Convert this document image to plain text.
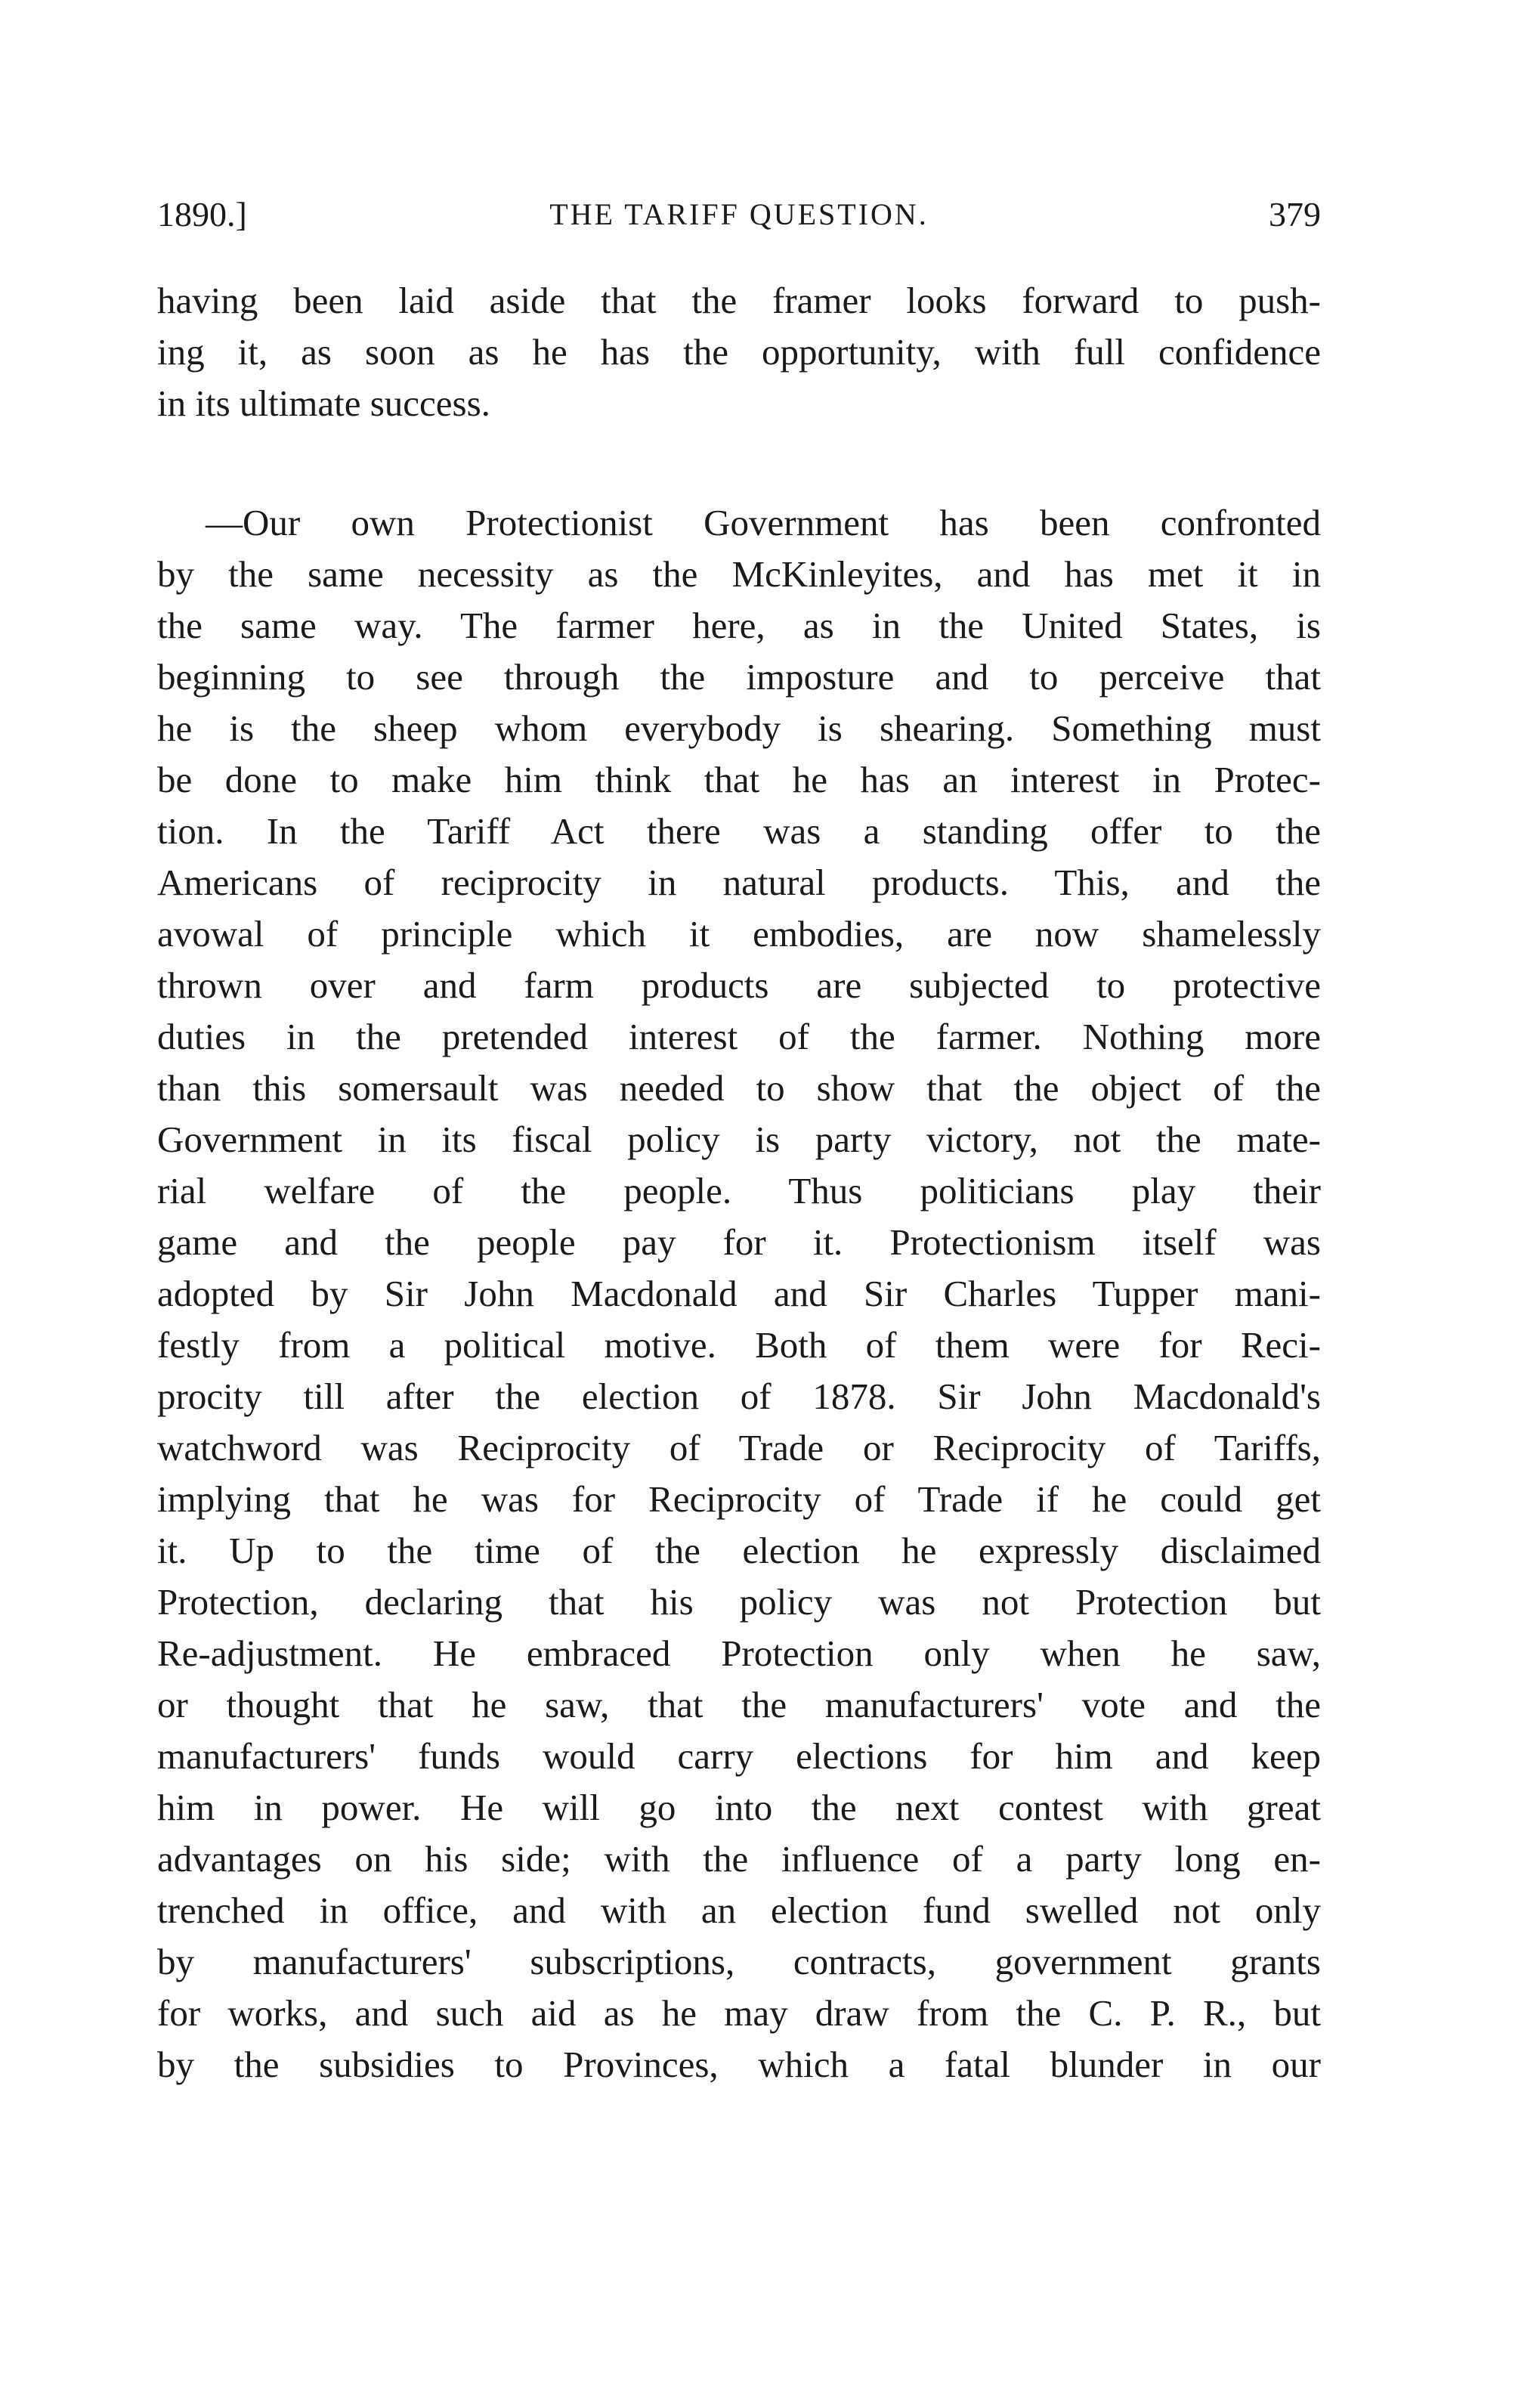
1890.]	THE TARIFF QUESTION.	379
having been laid aside that the framer looks forward to push-
ing it, as soon as he has the opportunity, with full confidence
in its ultimate success.
—Our own Protectionist Government has been confronted
by the same necessity as the McKinleyites, and has met it in
the same way. The farmer here, as in the United States, is
beginning to see through the imposture and to perceive that
he is the sheep whom everybody is shearing. Something must
be done to make him think that he has an interest in Protec-
tion. In the Tariff Act there was a standing offer to the
Americans of reciprocity in natural products. This, and the
avowal of principle which it embodies, are now shamelessly
thrown over and farm products are subjected to protective
duties in the pretended interest of the farmer. Nothing more
than this somersault was needed to show that the object of the
Government in its fiscal policy is party victory, not the mate-
rial welfare of the people. Thus politicians play their
game and the people pay for it. Protectionism itself was
adopted by Sir John Macdonald and Sir Charles Tupper mani-
festly from a political motive. Both of them were for Reci-
procity till after the election of 1878. Sir John Macdonald's
watchword was Reciprocity of Trade or Reciprocity of Tariffs,
implying that he was for Reciprocity of Trade if he could get
it. Up to the time of the election he expressly disclaimed
Protection, declaring that his policy was not Protection but
Re-adjustment. He embraced Protection only when he saw,
or thought that he saw, that the manufacturers' vote and the
manufacturers' funds would carry elections for him and keep
him in power. He will go into the next contest with great
advantages on his side; with the influence of a party long en-
trenched in office, and with an election fund swelled not only
by manufacturers' subscriptions, contracts, government grants
for works, and such aid as he may draw from the C. P. R., but
by the subsidies to Provinces, which a fatal blunder in our
